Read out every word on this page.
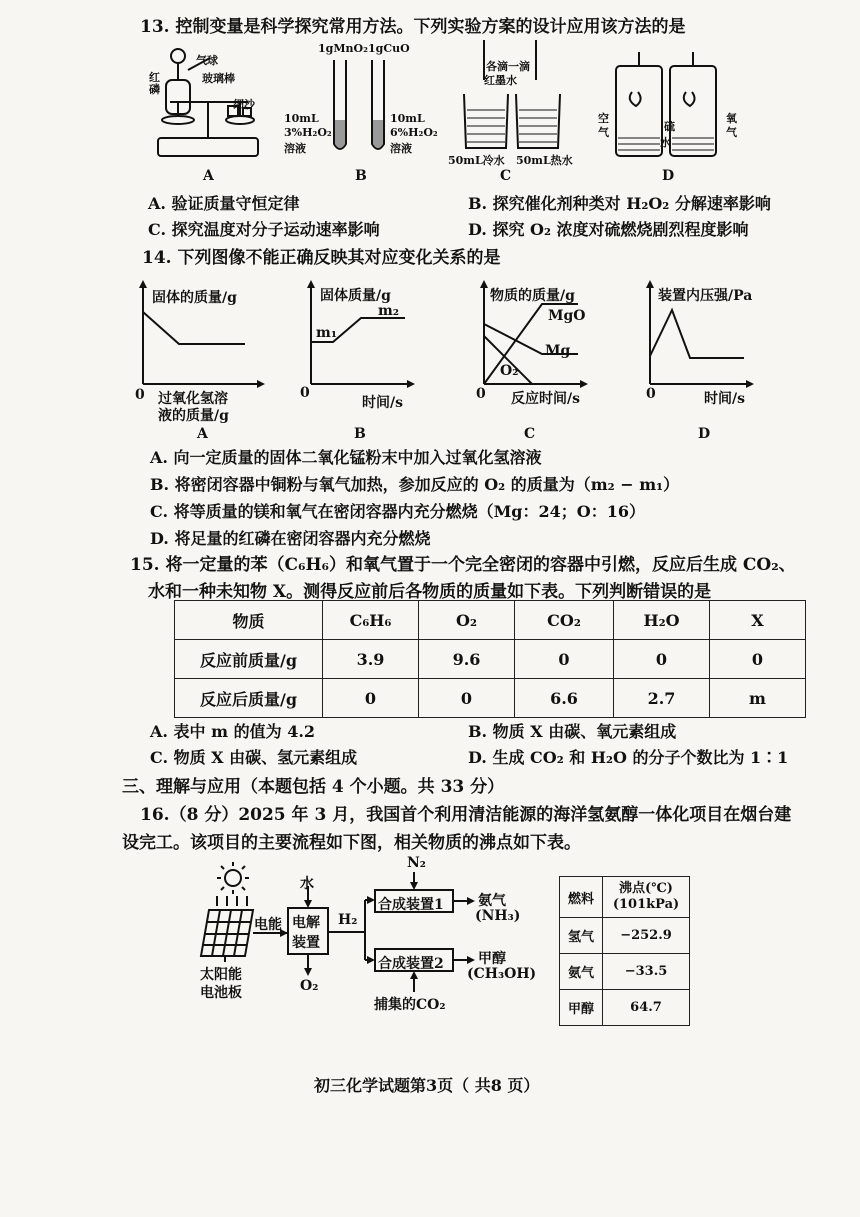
13. 控制变量是科学探究常用方法。下列实验方案的设计应用该方法的是
气球
红磷
玻璃棒
细沙
A
1gMnO₂ 1gCuO
10mL
3%H₂O₂
溶液
10mL
6%H₂O₂
溶液
B
各滴一滴
红墨水
50mL冷水 50mL热水
C
空
气
氧
气
硫
水
D
A. 验证质量守恒定律	B. 探究催化剂种类对 H₂O₂ 分解速率影响
C. 探究温度对分子运动速率影响	D. 探究 O₂ 浓度对硫燃烧剧烈程度影响
14. 下列图像不能正确反映其对应变化关系的是
固体的质量/g
0 过氧化氢溶
液的质量/g
A
固体质量/g
m₁
m₂
0
时间/s
B
物质的质量/g
MgO
Mg
O₂
0 反应时间/s
C
装置内压强/Pa
0	时间/s
D
A. 向一定质量的固体二氧化锰粉末中加入过氧化氢溶液
B. 将密闭容器中铜粉与氧气加热，参加反应的 O₂ 的质量为（m₂ − m₁）
C. 将等质量的镁和氧气在密闭容器内充分燃烧（Mg：24；O：16）
D. 将足量的红磷在密闭容器内充分燃烧
15. 将一定量的苯（C₆H₆）和氧气置于一个完全密闭的容器中引燃，反应后生成 CO₂、
水和一种未知物 X。测得反应前后各物质的质量如下表。下列判断错误的是
物质	C₆H₆	O₂	CO₂	H₂O	X
反应前质量/g	3.9	9.6	0	0	0
反应后质量/g	0	0	6.6	2.7	m
A. 表中 m 的值为 4.2	B. 物质 X 由碳、氧元素组成
C. 物质 X 由碳、氢元素组成	D. 生成 CO₂ 和 H₂O 的分子个数比为 1∶1
三、理解与应用（本题包括 4 个小题。共 33 分）
16.（8 分）2025 年 3 月，我国首个利用清洁能源的海洋氢氨醇一体化项目在烟台建
设完工。该项目的主要流程如下图，相关物质的沸点如下表。
太阳能
电池板
电能
水
电解
装置
O₂
H₂
N₂
合成装置1
合成装置2
氨气
(NH₃)
甲醇
(CH₃OH)
捕集的CO₂
燃料	沸点(℃)
(101kPa)
氢气	−252.9
氨气	−33.5
甲醇	64.7
初三化学试题第3页（ 共8 页）
